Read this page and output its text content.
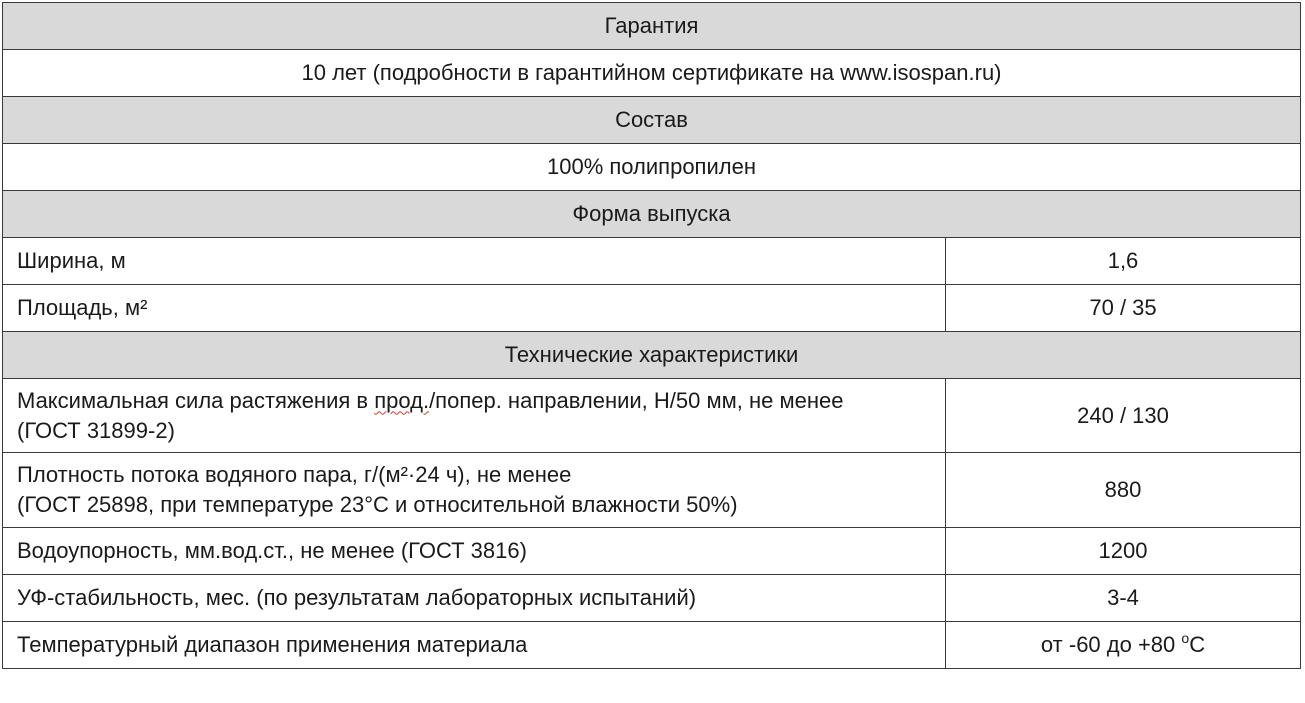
Гарантия	
10 лет (подробности в гарантийном сертификате на www.isospan.ru)	
Состав	
100% полипропилен	
Форма выпуска	
Ширина, м	1,6
Площадь, м²	70 / 35
Технические характеристики	
Максимальная сила растяжения в прод./попер. направлении, Н/50 мм, не менее
(ГОСТ 31899-2)	240 / 130
Плотность потока водяного пара, г/(м²·24 ч), не менее
(ГОСТ 25898, при температуре 23°С и относительной влажности 50%)	880
Водоупорность, мм.вод.ст., не менее (ГОСТ 3816)	1200
УФ-стабильность, мес. (по результатам лабораторных испытаний)	3-4
Температурный диапазон применения материала	от -60 до +80 $^о$С
